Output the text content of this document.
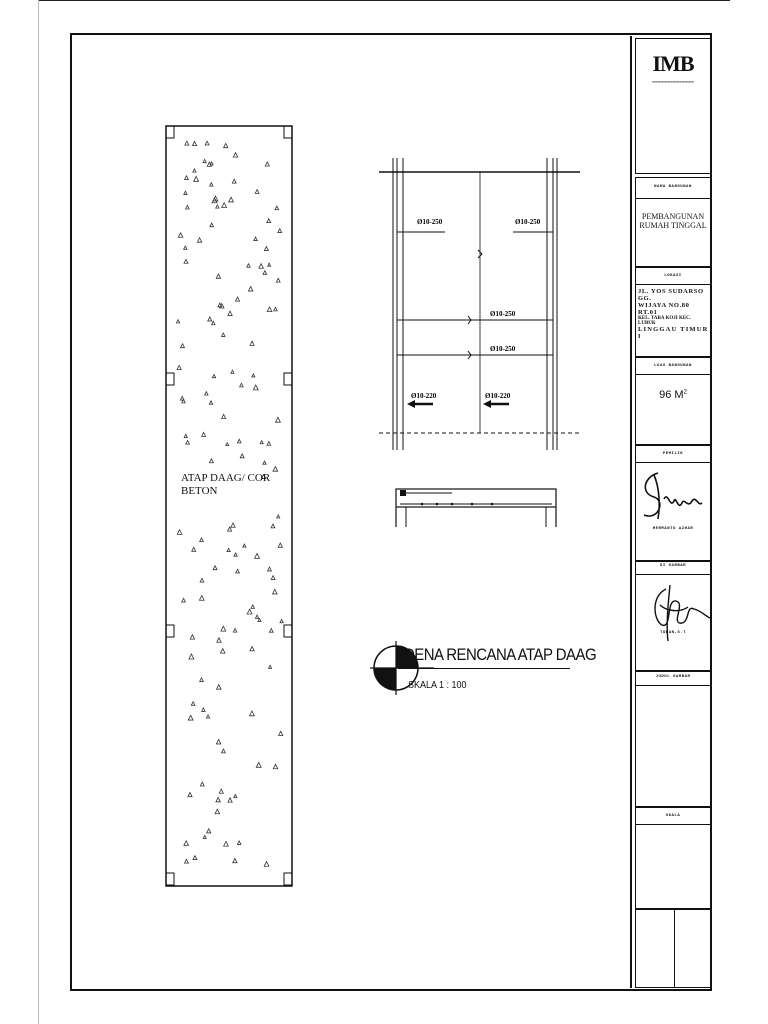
ATAP DAAG/ COR
BETON
Ø10-250	Ø10-250
Ø10-250
Ø10-250
Ø10-220	Ø10-220
DENA RENCANA ATAP DAAG
SKALA 1 : 100
IMB
""""""""""""""
NAMA BANGUNAN
PEMBANGUNAN
RUMAH TINGGAL
LOKASI
JL. YOS SUDARSO GG.
WIJAYA NO.80 RT.01
KEL. TABA KOJI KEC. LUBUK
LINGGAU TIMUR I
LUAS BANGUNAN
96 $M^2$
PEMILIK
HERMANTO AZHAR
DI GAMBAR
TOPAN,S.T
JUDUL GAMBAR
SKALA
